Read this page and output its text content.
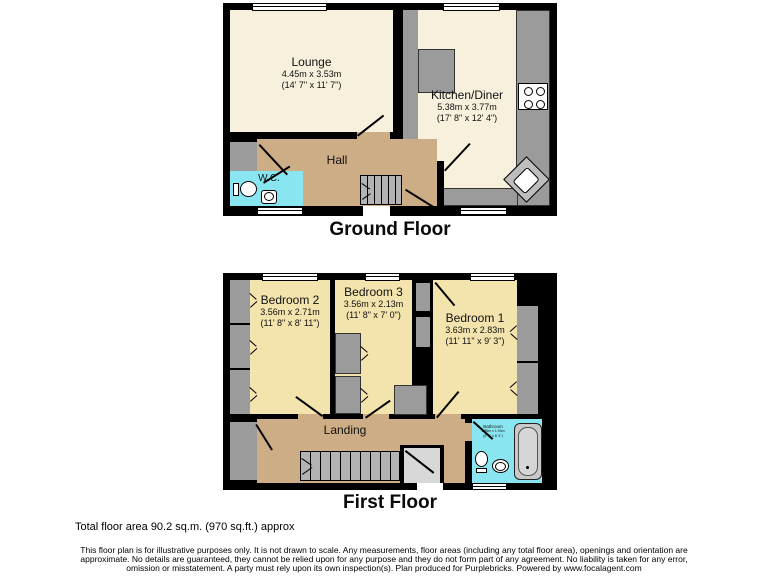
Lounge
4.45m x 3.53m
(14' 7" x 11' 7")
Kitchen/Diner
5.38m x 3.77m
(17' 8" x 12' 4")
Hall
W.C.
Ground Floor
Bedroom 2
3.56m x 2.71m
(11' 8" x 8' 11")
Bedroom 3
3.56m x 2.13m
(11' 8" x 7' 0")	Bedroom 1
3.63m x 2.83m
(11' 11" x 9' 3")
Landing	Bathroom
1.85m x 1.94m
(6' 1" x 6' 4")
First Floor
Total floor area 90.2 sq.m. (970 sq.ft.) approx
This floor plan is for illustrative purposes only. It is not drawn to scale. Any measurements, floor areas (including any total floor area), openings and orientation are approximate. No details are guaranteed, they cannot be relied upon for any purpose and they do not form part of any agreement. No liability is taken for any error, omission or misstatement. A party must rely upon its own inspection(s). Plan produced for Purplebricks. Powered by www.focalagent.com
